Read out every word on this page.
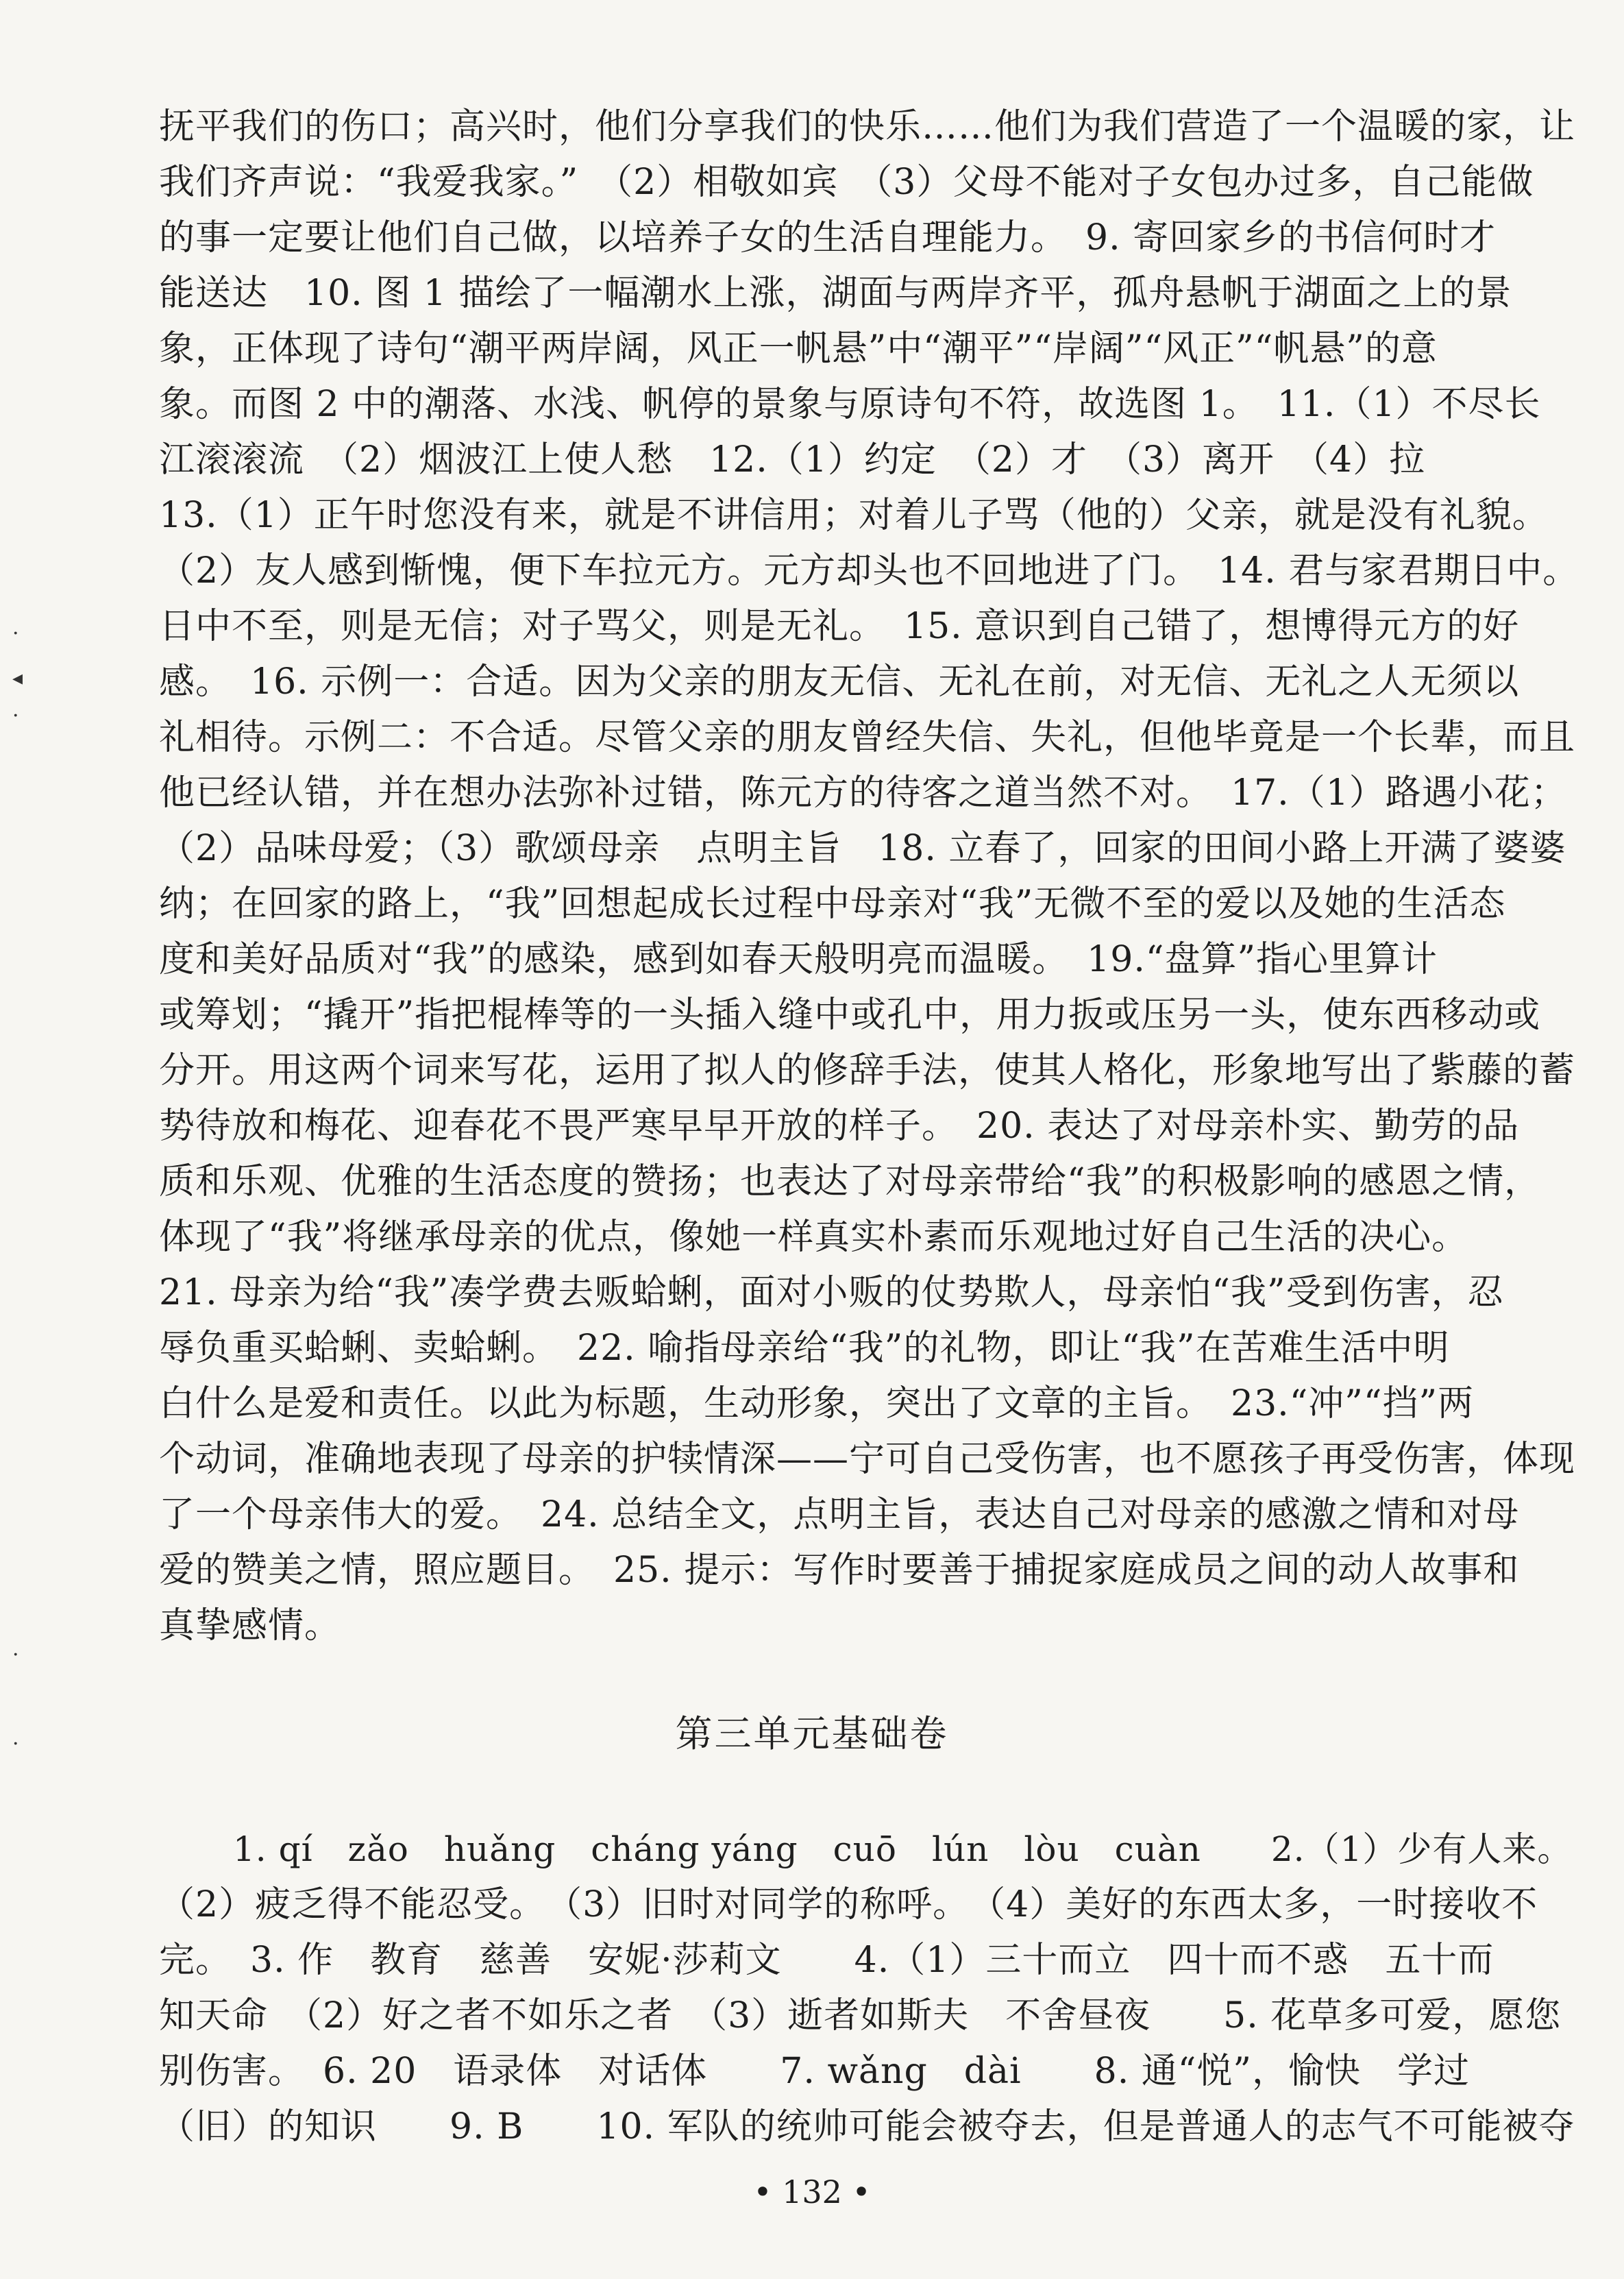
·
◂
·
·
·
抚平我们的伤口；高兴时，他们分享我们的快乐……他们为我们营造了一个温暖的家，让
我们齐声说：“我爱我家。”　（2）相敬如宾　（3）父母不能对子女包办过多，自己能做
的事一定要让他们自己做，以培养子女的生活自理能力。　9. 寄回家乡的书信何时才
能送达　10. 图 1 描绘了一幅潮水上涨，湖面与两岸齐平，孤舟悬帆于湖面之上的景
象，正体现了诗句“潮平两岸阔，风正一帆悬”中“潮平”“岸阔”“风正”“帆悬”的意
象。而图 2 中的潮落、水浅、帆停的景象与原诗句不符，故选图 1。　11.（1）不尽长
江滚滚流　（2）烟波江上使人愁　12.（1）约定　（2）才　（3）离开　（4）拉
13.（1）正午时您没有来，就是不讲信用；对着儿子骂（他的）父亲，就是没有礼貌。
（2）友人感到惭愧，便下车拉元方。元方却头也不回地进了门。　14. 君与家君期日中。
日中不至，则是无信；对子骂父，则是无礼。　15. 意识到自己错了，想博得元方的好
感。　16. 示例一：合适。因为父亲的朋友无信、无礼在前，对无信、无礼之人无须以
礼相待。示例二：不合适。尽管父亲的朋友曾经失信、失礼，但他毕竟是一个长辈，而且
他已经认错，并在想办法弥补过错，陈元方的待客之道当然不对。　17.（1）路遇小花；
（2）品味母爱；（3）歌颂母亲　点明主旨　18. 立春了，回家的田间小路上开满了婆婆
纳；在回家的路上，“我”回想起成长过程中母亲对“我”无微不至的爱以及她的生活态
度和美好品质对“我”的感染，感到如春天般明亮而温暖。　19.“盘算”指心里算计
或筹划；“撬开”指把棍棒等的一头插入缝中或孔中，用力扳或压另一头，使东西移动或
分开。用这两个词来写花，运用了拟人的修辞手法，使其人格化，形象地写出了紫藤的蓄
势待放和梅花、迎春花不畏严寒早早开放的样子。　20. 表达了对母亲朴实、勤劳的品
质和乐观、优雅的生活态度的赞扬；也表达了对母亲带给“我”的积极影响的感恩之情，
体现了“我”将继承母亲的优点，像她一样真实朴素而乐观地过好自己生活的决心。
21. 母亲为给“我”凑学费去贩蛤蜊，面对小贩的仗势欺人，母亲怕“我”受到伤害，忍
辱负重买蛤蜊、卖蛤蜊。　22. 喻指母亲给“我”的礼物，即让“我”在苦难生活中明
白什么是爱和责任。以此为标题，生动形象，突出了文章的主旨。　23.“冲”“挡”两
个动词，准确地表现了母亲的护犊情深——宁可自己受伤害，也不愿孩子再受伤害，体现
了一个母亲伟大的爱。　24. 总结全文，点明主旨，表达自己对母亲的感激之情和对母
爱的赞美之情，照应题目。　25. 提示：写作时要善于捕捉家庭成员之间的动人故事和
真挚感情。
第三单元基础卷
1. qí　zǎo　huǎng　cháng yáng　cuō　lún　lòu　cuàn　　2.（1）少有人来。
（2）疲乏得不能忍受。　（3）旧时对同学的称呼。　（4）美好的东西太多，一时接收不
完。　3. 作　教育　慈善　安妮·莎莉文　　4.（1）三十而立　四十而不惑　五十而
知天命　（2）好之者不如乐之者　（3）逝者如斯夫　不舍昼夜　　5. 花草多可爱，愿您
别伤害。　6. 20　语录体　对话体　　7. wǎng　dài　　8. 通“悦”，愉快　学过
（旧）的知识　　9. B　　10. 军队的统帅可能会被夺去，但是普通人的志气不可能被夺
• 132 •
